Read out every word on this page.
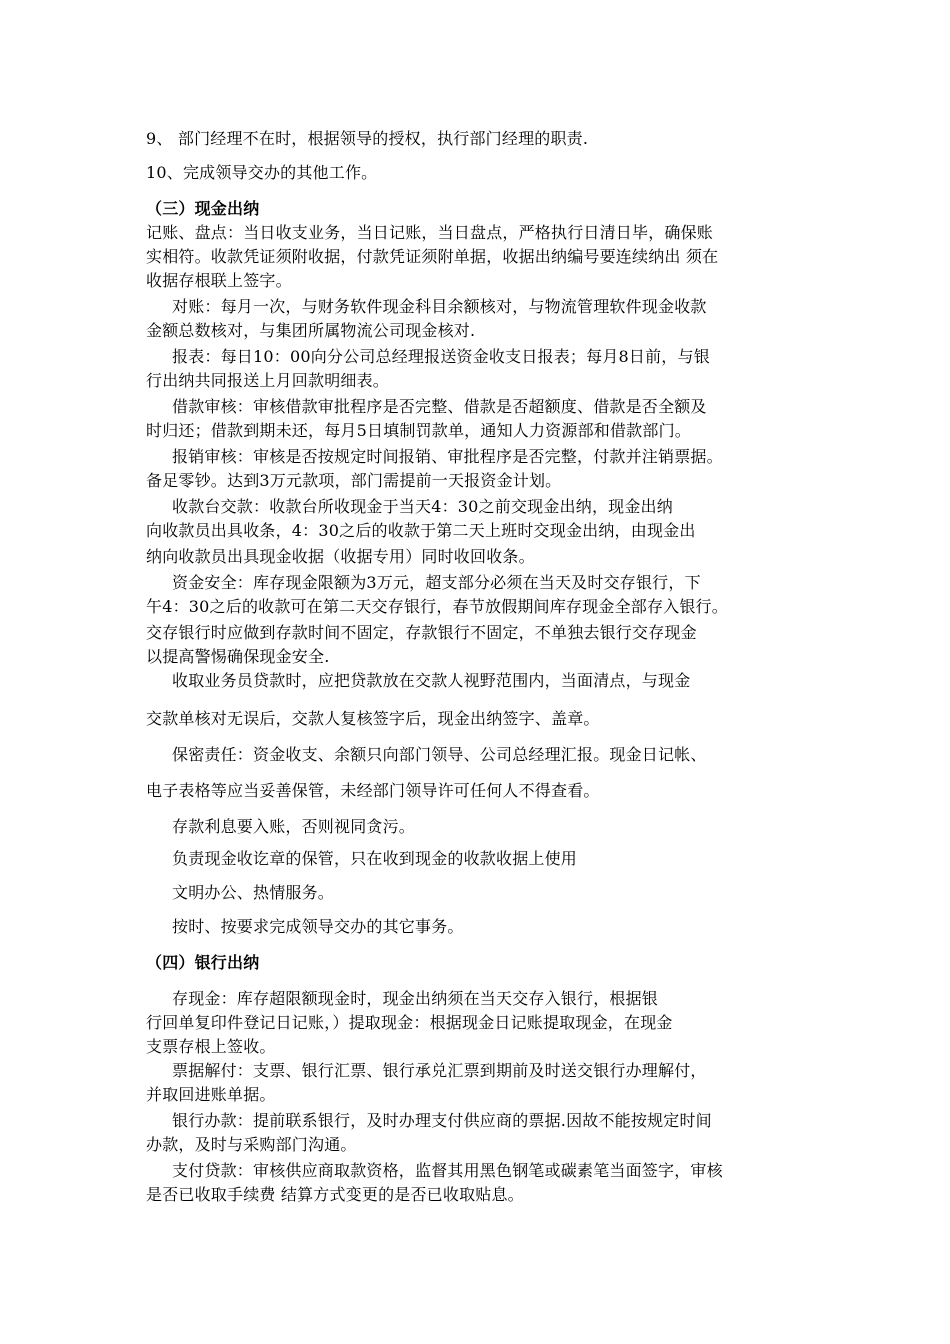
9、 部门经理不在时，根据领导的授权，执行部门经理的职责.
10、完成领导交办的其他工作。
（三）现金出纳
记账、盘点：当日收支业务，当日记账，当日盘点，严格执行日清日毕，确保账
实相符。收款凭证须附收据，付款凭证须附单据，收据出纳编号要连续纳出 须在
收据存根联上签字。
对账：每月一次，与财务软件现金科目余额核对，与物流管理软件现金收款
金额总数核对，与集团所属物流公司现金核对.
报表：每日10：00向分公司总经理报送资金收支日报表；每月8日前，与银
行出纳共同报送上月回款明细表。
借款审核：审核借款审批程序是否完整、借款是否超额度、借款是否全额及
时归还；借款到期未还，每月5日填制罚款单，通知人力资源部和借款部门。
报销审核：审核是否按规定时间报销、审批程序是否完整，付款并注销票据。
备足零钞。达到3万元款项，部门需提前一天报资金计划。
收款台交款：收款台所收现金于当天4：30之前交现金出纳，现金出纳
向收款员出具收条，4：30之后的收款于第二天上班时交现金出纳，由现金出
纳向收款员出具现金收据（收据专用）同时收回收条。
资金安全：库存现金限额为3万元，超支部分必须在当天及时交存银行，下
午4：30之后的收款可在第二天交存银行，春节放假期间库存现金全部存入银行。
交存银行时应做到存款时间不固定，存款银行不固定，不单独去银行交存现金
以提高警惕确保现金安全.
收取业务员贷款时，应把贷款放在交款人视野范围内，当面清点，与现金
交款单核对无误后，交款人复核签字后，现金出纳签字、盖章。
保密责任：资金收支、余额只向部门领导、公司总经理汇报。现金日记帐、
电子表格等应当妥善保管，未经部门领导许可任何人不得查看。
存款利息要入账，否则视同贪污。
负责现金收讫章的保管，只在收到现金的收款收据上使用
文明办公、热情服务。
按时、按要求完成领导交办的其它事务。
（四）银行出纳
存现金：库存超限额现金时，现金出纳须在当天交存入银行，根据银
行回单复印件登记日记账，）提取现金：根据现金日记账提取现金，在现金
支票存根上签收。
票据解付：支票、银行汇票、银行承兑汇票到期前及时送交银行办理解付，
并取回进账单据。
银行办款：提前联系银行，及时办理支付供应商的票据.因故不能按规定时间
办款，及时与采购部门沟通。
支付贷款：审核供应商取款资格，监督其用黑色钢笔或碳素笔当面签字，审核
是否已收取手续费 结算方式变更的是否已收取贴息。
